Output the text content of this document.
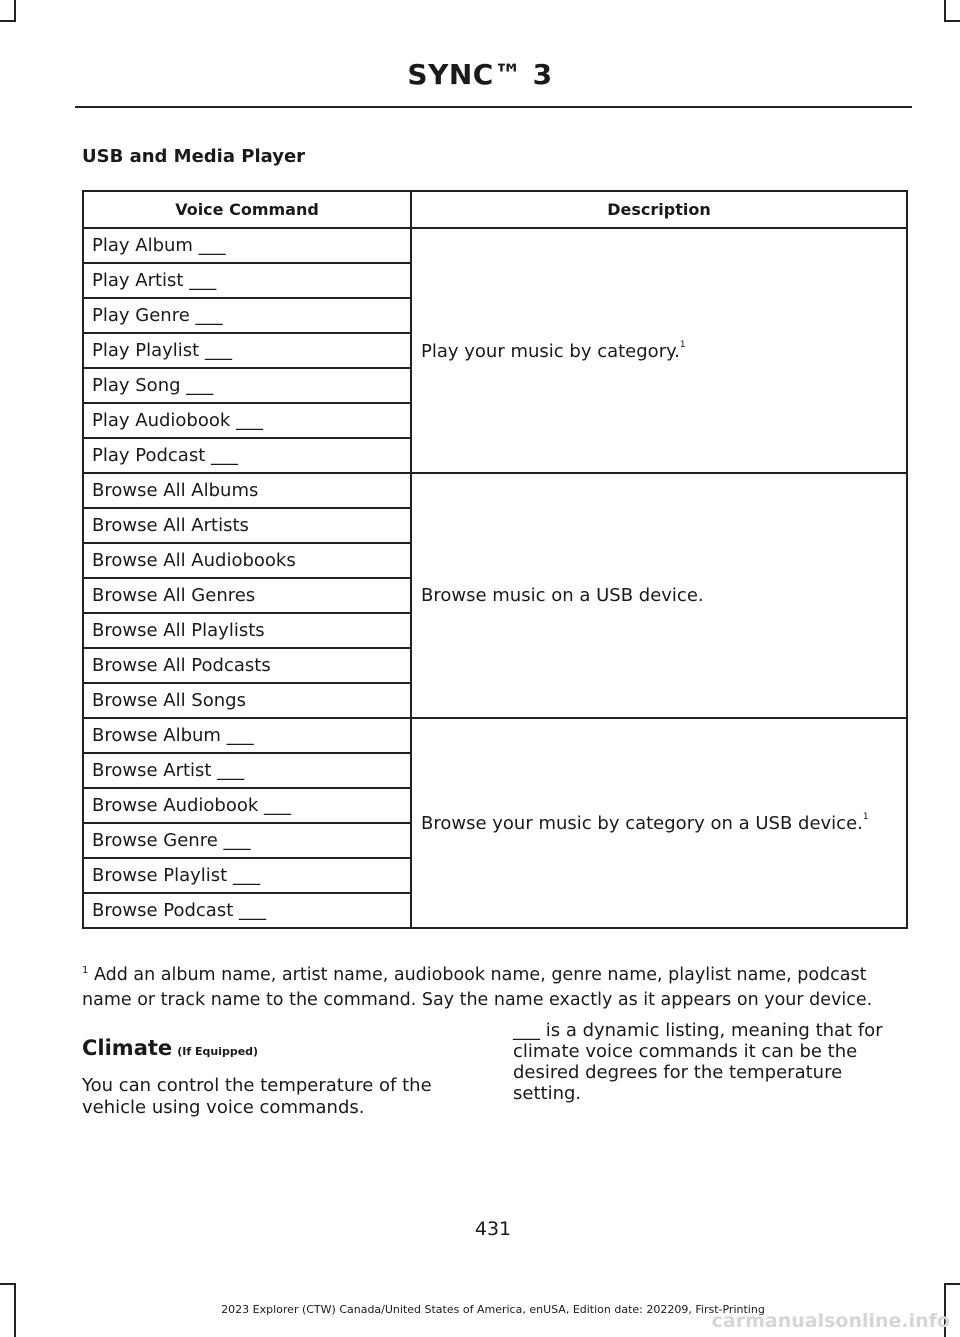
SYNC™ 3
USB and Media Player
Voice Command	Description
Play Album ___	Play your music by category.$^1$
Play Artist ___	
Play Genre ___	
Play Playlist ___	
Play Song ___	
Play Audiobook ___	
Play Podcast ___	
Browse All Albums	Browse music on a USB device.
Browse All Artists	
Browse All Audiobooks	
Browse All Genres	
Browse All Playlists	
Browse All Podcasts	
Browse All Songs	
Browse Album ___	Browse your music by category on a USB device.$^1$
Browse Artist ___	
Browse Audiobook ___	
Browse Genre ___	
Browse Playlist ___	
Browse Podcast ___	
$^1$ Add an album name, artist name, audiobook name, genre name, playlist name, podcast name or track name to the command. Say the name exactly as it appears on your device.
Climate (If Equipped)
You can control the temperature of the vehicle using voice commands.
___ is a dynamic listing, meaning that for climate voice commands it can be the desired degrees for the temperature setting.
431
2023 Explorer (CTW) Canada/United States of America, enUSA, Edition date: 202209, First-Printing
carmanualsonline.info
